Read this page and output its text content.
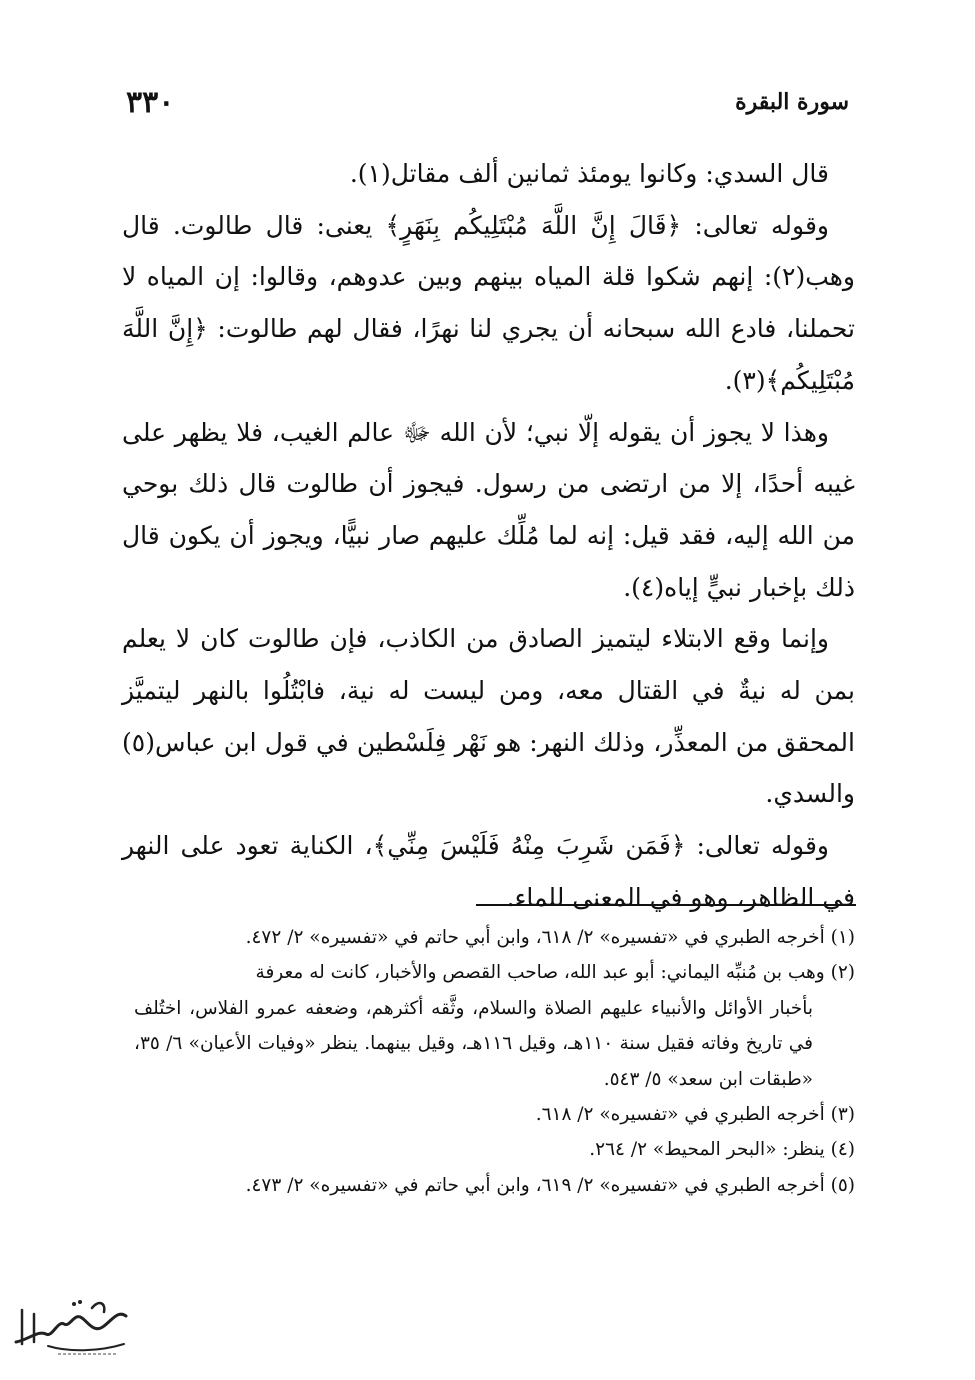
سورة البقرة
٣٣٠

قال السدي: وكانوا يومئذ ثمانين ألف مقاتل(١).

وقوله تعالى: ﴿قَالَ إِنَّ اللَّهَ مُبْتَلِيكُم بِنَهَرٍ﴾ يعنى: قال طالوت. قال وهب(٢): إنهم شكوا قلة المياه بينهم وبين عدوهم، وقالوا: إن المياه لا تحملنا، فادع الله سبحانه أن يجري لنا نهرًا، فقال لهم طالوت: ﴿إِنَّ اللَّهَ مُبْتَلِيكُم﴾(٣).

وهذا لا يجوز أن يقوله إلّا نبي؛ لأن الله ﷻ عالم الغيب، فلا يظهر على غيبه أحدًا، إلا من ارتضى من رسول. فيجوز أن طالوت قال ذلك بوحي من الله إليه، فقد قيل: إنه لما مُلِّك عليهم صار نبيًّا، ويجوز أن يكون قال ذلك بإخبار نبيٍّ إياه(٤).

وإنما وقع الابتلاء ليتميز الصادق من الكاذب، فإن طالوت كان لا يعلم بمن له نيةٌ في القتال معه، ومن ليست له نية، فابْتُلُوا بالنهر ليتميَّز المحقق من المعذِّر، وذلك النهر: هو نَهْر فِلَسْطين في قول ابن عباس(٥) والسدي.

وقوله تعالى: ﴿فَمَن شَرِبَ مِنْهُ فَلَيْسَ مِنِّي﴾، الكناية تعود على النهر في الظاهر، وهو في المعنى للماء.

(١) أخرجه الطبري في «تفسيره» ٢/ ٦١٨، وابن أبي حاتم في «تفسيره» ٢/ ٤٧٢.

(٢) وهب بن مُنبِّه اليماني: أبو عبد الله، صاحب القصص والأخبار، كانت له معرفة

بأخبار الأوائل والأنبياء عليهم الصلاة والسلام، وثَّقه أكثرهم، وضعفه عمرو الفلاس، اختُلف في تاريخ وفاته فقيل سنة ١١٠هـ، وقيل ١١٦هـ، وقيل بينهما. ينظر «وفيات الأعيان» ٦/ ٣٥، «طبقات ابن سعد» ٥/ ٥٤٣.

(٣) أخرجه الطبري في «تفسيره» ٢/ ٦١٨.

(٤) ينظر: «البحر المحيط» ٢/ ٢٦٤.

(٥) أخرجه الطبري في «تفسيره» ٢/ ٦١٩، وابن أبي حاتم في «تفسيره» ٢/ ٤٧٣.
